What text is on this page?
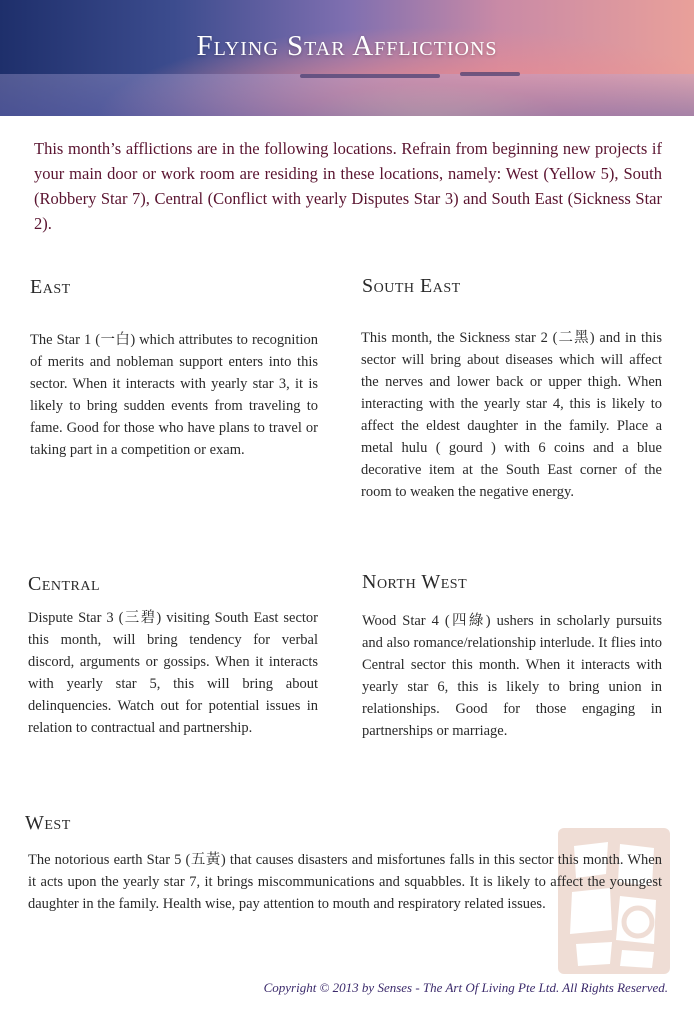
Flying Star Afflictions
This month’s afflictions are in the following locations. Refrain from beginning new projects if your main door or work room are residing in these locations, namely: West (Yellow 5), South (Robbery Star 7), Central (Conflict with yearly Disputes Star 3) and South East (Sickness Star 2).
East
The Star 1 (一白) which attributes to recognition of merits and nobleman support enters into this sector. When it interacts with yearly star 3, it is likely to bring sudden events from traveling to fame. Good for those who have plans to travel or taking part in a competition or exam.
South East
This month, the Sickness star 2 (二黑) and in this sector will bring about diseases which will affect the nerves and lower back or upper thigh. When interacting with the yearly star 4, this is likely to affect the eldest daughter in the family. Place a metal hulu ( gourd ) with 6 coins and a blue decorative item at the South East corner of the room to weaken the negative energy.
Central
Dispute Star 3 (三碧) visiting South East sector this month, will bring tendency for verbal discord, arguments or gossips. When it interacts with yearly star 5, this will bring about delinquencies. Watch out for potential issues in relation to contractual and partnership.
North West
Wood Star 4 (四綠) ushers in scholarly pursuits and also romance/relationship interlude. It flies into Central sector this month. When it interacts with yearly star 6, this is likely to bring union in relationships. Good for those engaging in partnerships or marriage.
West
The notorious earth Star 5 (五黃) that causes disasters and misfortunes falls in this sector this month. When it acts upon the yearly star 7, it brings miscommunications and squabbles. It is likely to affect the youngest daughter in the family. Health wise, pay attention to mouth and respiratory related issues.
Copyright © 2013 by Senses - The Art Of Living Pte Ltd. All Rights Reserved.
